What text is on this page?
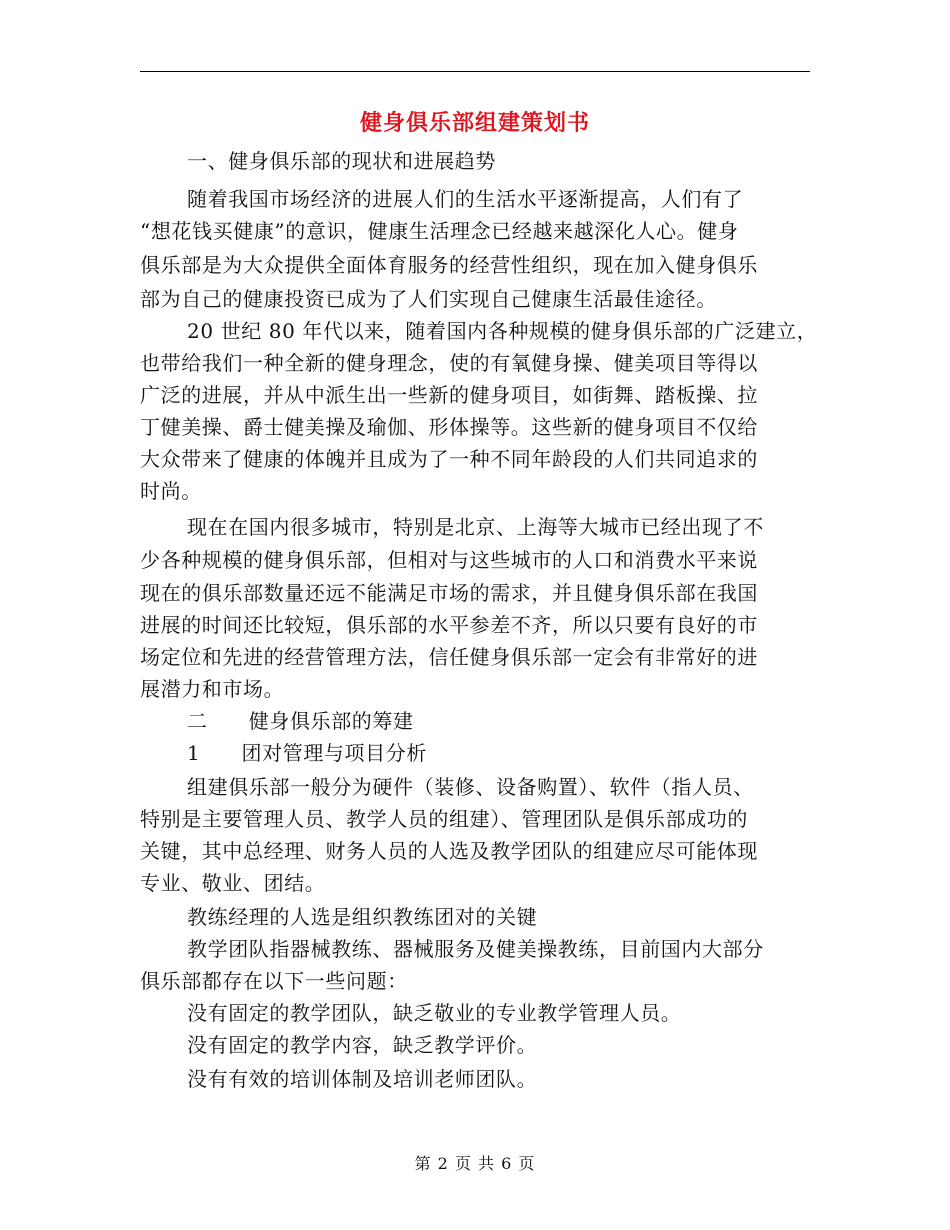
健身俱乐部组建策划书
一、健身俱乐部的现状和进展趋势
随着我国市场经济的进展人们的生活水平逐渐提高，人们有了
“想花钱买健康”的意识，健康生活理念已经越来越深化人心。健身
俱乐部是为大众提供全面体育服务的经营性组织，现在加入健身俱乐
部为自己的健康投资已成为了人们实现自己健康生活最佳途径。
20 世纪 80 年代以来，随着国内各种规模的健身俱乐部的广泛建立，
也带给我们一种全新的健身理念，使的有氧健身操、健美项目等得以
广泛的进展，并从中派生出一些新的健身项目，如街舞、踏板操、拉
丁健美操、爵士健美操及瑜伽、形体操等。这些新的健身项目不仅给
大众带来了健康的体魄并且成为了一种不同年龄段的人们共同追求的
时尚。
现在在国内很多城市，特别是北京、上海等大城市已经出现了不
少各种规模的健身俱乐部，但相对与这些城市的人口和消费水平来说
现在的俱乐部数量还远不能满足市场的需求，并且健身俱乐部在我国
进展的时间还比较短，俱乐部的水平参差不齐，所以只要有良好的市
场定位和先进的经营管理方法，信任健身俱乐部一定会有非常好的进
展潜力和市场。
二　　健身俱乐部的筹建
1　　团对管理与项目分析
组建俱乐部一般分为硬件（装修、设备购置）、软件（指人员、
特别是主要管理人员、教学人员的组建）、管理团队是俱乐部成功的
关键，其中总经理、财务人员的人选及教学团队的组建应尽可能体现
专业、敬业、团结。
教练经理的人选是组织教练团对的关键
教学团队指器械教练、器械服务及健美操教练，目前国内大部分
俱乐部都存在以下一些问题：
没有固定的教学团队，缺乏敬业的专业教学管理人员。
没有固定的教学内容，缺乏教学评价。
没有有效的培训体制及培训老师团队。
第 2 页 共 6 页
